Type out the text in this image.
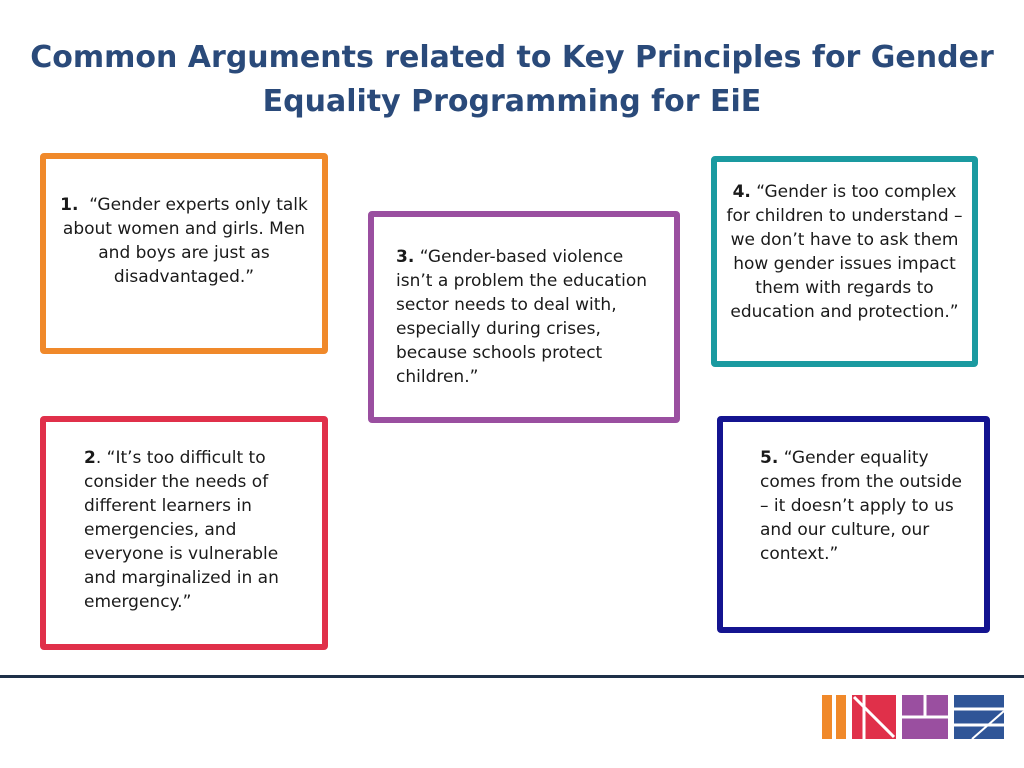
Common Arguments related to Key Principles for Gender
Equality Programming for EiE

1. “Gender experts only talk about women and girls. Men and boys are just as disadvantaged.”

2. “It’s too difficult to consider the needs of different learners in emergencies, and everyone is vulnerable and marginalized in an emergency.”

3. “Gender-based violence isn’t a problem the education sector needs to deal with, especially during crises, because schools protect children.”

4. “Gender is too complex for children to understand – we don’t have to ask them how gender issues impact them with regards to education and protection.”

5. “Gender equality comes from the outside – it doesn’t apply to us and our culture, our context.”
